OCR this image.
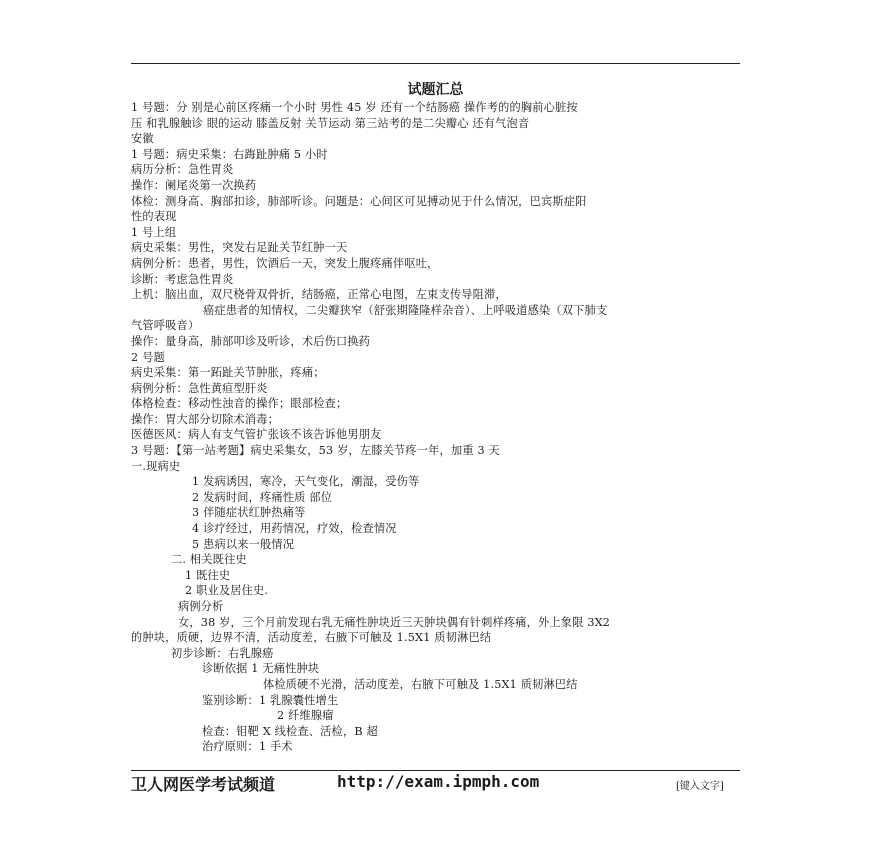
试题汇总
1 号题：分 别是心前区疼痛一个小时 男性 45 岁 还有一个结肠癌 操作考的的胸前心脏按
压 和乳腺触诊 眼的运动 膝盖反射 关节运动 第三站考的是二尖瓣心 还有气泡音
安徽
1 号题：病史采集：右踇趾肿痛 5 小时
病历分析：急性胃炎
操作：阑尾炎第一次换药
体检：测身高、胸部扣诊，肺部听诊。问题是：心间区可见搏动见于什么情况，巴宾斯症阳
性的表现
1 号上组
病史采集：男性，突发右足趾关节红肿一天
病例分析：患者，男性，饮酒后一天，突发上腹疼痛伴呕吐，
诊断：考虑急性胃炎
上机：脑出血，双尺桡骨双骨折，结肠癌，正常心电图，左束支传导阻滞，
癌症患者的知情权，二尖瓣狭窄（舒张期隆隆样杂音）、上呼吸道感染（双下肺支
气管呼吸音）
操作：量身高，肺部叩诊及听诊，术后伤口换药
2 号题
病史采集：第一跖趾关节肿胀，疼痛；
病例分析：急性黄疸型肝炎
体格检查：移动性浊音的操作；眼部检查；
操作：胃大部分切除术消毒；
医德医风：病人有支气管扩张该不该告诉他男朋友
3 号题：【第一站考题】病史采集女，53 岁，左膝关节疼一年，加重 3 天
一.现病史
1 发病诱因，寒冷，天气变化，潮湿，受伤等
2 发病时间，疼痛性质 部位
3 伴随症状红肿热痛等
4 诊疗经过，用药情况，疗效，检查情况
5 患病以来一般情况
二. 相关既往史
1 既往史
2 职业及居住史.
病例分析
女，38 岁，三个月前发现右乳无痛性肿块近三天肿块偶有针刺样疼痛，外上象限 3X2
的肿块，质硬，边界不清，活动度差，右腋下可触及 1.5X1 质韧淋巴结
初步诊断：右乳腺癌
诊断依据 1 无痛性肿块
体检质硬不光滑，活动度差，右腋下可触及 1.5X1 质韧淋巴结
鉴别诊断：1 乳腺囊性增生
2 纤维腺瘤
检查：钼靶 X 线检查、活检，B 超
治疗原则：1 手术
卫人网医学考试频道	http://exam.ipmph.com	[键入文字]
